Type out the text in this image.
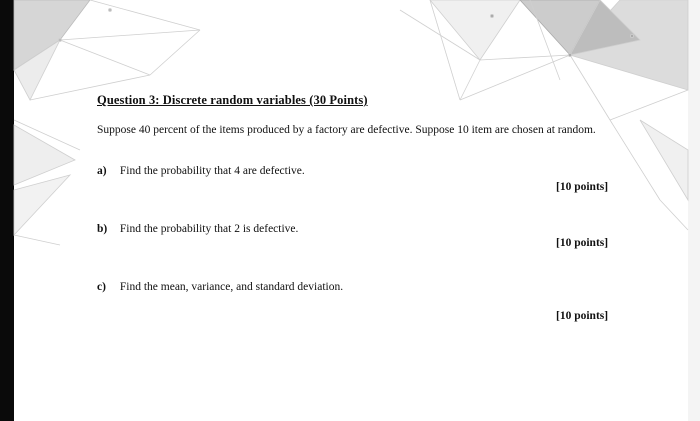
Question 3: Discrete random variables (30 Points)
Suppose 40 percent of the items produced by a factory are defective. Suppose 10 item are chosen at random.
a) Find the probability that 4 are defective.
[10 points]
b) Find the probability that 2 is defective.
[10 points]
c) Find the mean, variance, and standard deviation.
[10 points]
